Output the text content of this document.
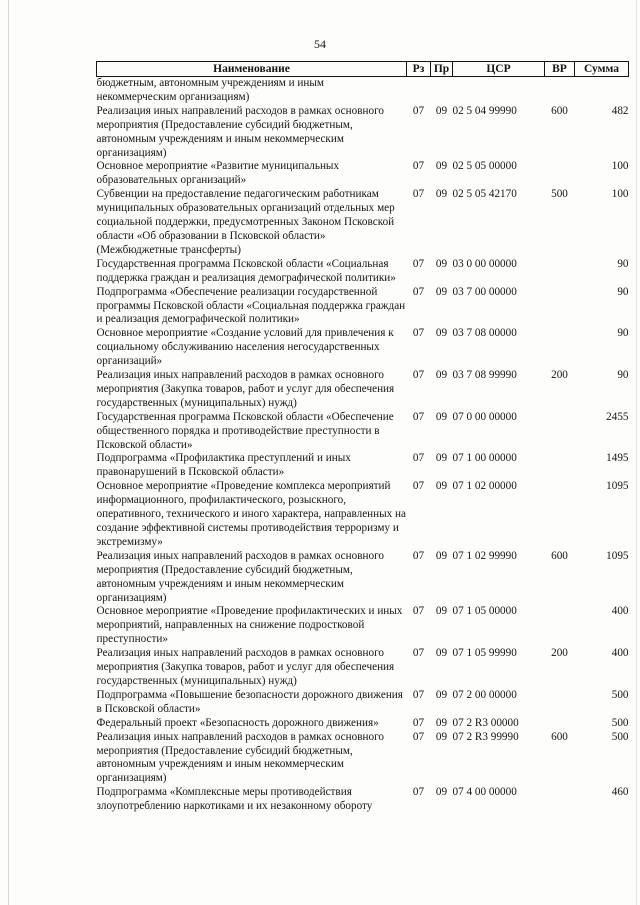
54
Наименование	Рз	Пр	ЦСР	ВР	Сумма
бюджетным, автономным учреждениям и иным некоммерческим организациям)					
Реализация иных направлений расходов в рамках основного мероприятия (Предоставление субсидий бюджетным, автономным учреждениям и иным некоммерческим организациям)	07	09	02 5 04 99990	600	482
Основное мероприятие «Развитие муниципальных образовательных организаций»	07	09	02 5 05 00000		100
Субвенции на предоставление педагогическим работникам муниципальных образовательных организаций отдельных мер социальной поддержки, предусмотренных Законом Псковской области «Об образовании в Псковской области» (Межбюджетные трансферты)	07	09	02 5 05 42170	500	100
Государственная программа Псковской области «Социальная поддержка граждан и реализация демографической политики»	07	09	03 0 00 00000		90
Подпрограмма «Обеспечение реализации государственной программы Псковской области «Социальная поддержка граждан и реализация демографической политики»	07	09	03 7 00 00000		90
Основное мероприятие «Создание условий для привлечения к социальному обслуживанию населения негосударственных организаций»	07	09	03 7 08 00000		90
Реализация иных направлений расходов в рамках основного мероприятия (Закупка товаров, работ и услуг для обеспечения государственных (муниципальных) нужд)	07	09	03 7 08 99990	200	90
Государственная программа Псковской области «Обеспечение общественного порядка и противодействие преступности в Псковской области»	07	09	07 0 00 00000		2455
Подпрограмма «Профилактика преступлений и иных правонарушений в Псковской области»	07	09	07 1 00 00000		1495
Основное мероприятие «Проведение комплекса мероприятий информационного, профилактического, розыскного, оперативного, технического и иного характера, направленных на создание эффективной системы противодействия терроризму и экстремизму»	07	09	07 1 02 00000		1095
Реализация иных направлений расходов в рамках основного мероприятия (Предоставление субсидий бюджетным, автономным учреждениям и иным некоммерческим организациям)	07	09	07 1 02 99990	600	1095
Основное мероприятие «Проведение профилактических и иных мероприятий, направленных на снижение подростковой преступности»	07	09	07 1 05 00000		400
Реализация иных направлений расходов в рамках основного мероприятия (Закупка товаров, работ и услуг для обеспечения государственных (муниципальных) нужд)	07	09	07 1 05 99990	200	400
Подпрограмма «Повышение безопасности дорожного движения в Псковской области»	07	09	07 2 00 00000		500
Федеральный проект «Безопасность дорожного движения»	07	09	07 2 R3 00000		500
Реализация иных направлений расходов в рамках основного мероприятия (Предоставление субсидий бюджетным, автономным учреждениям и иным некоммерческим организациям)	07	09	07 2 R3 99990	600	500
Подпрограмма «Комплексные меры противодействия злоупотреблению наркотиками и их незаконному обороту	07	09	07 4 00 00000		460
